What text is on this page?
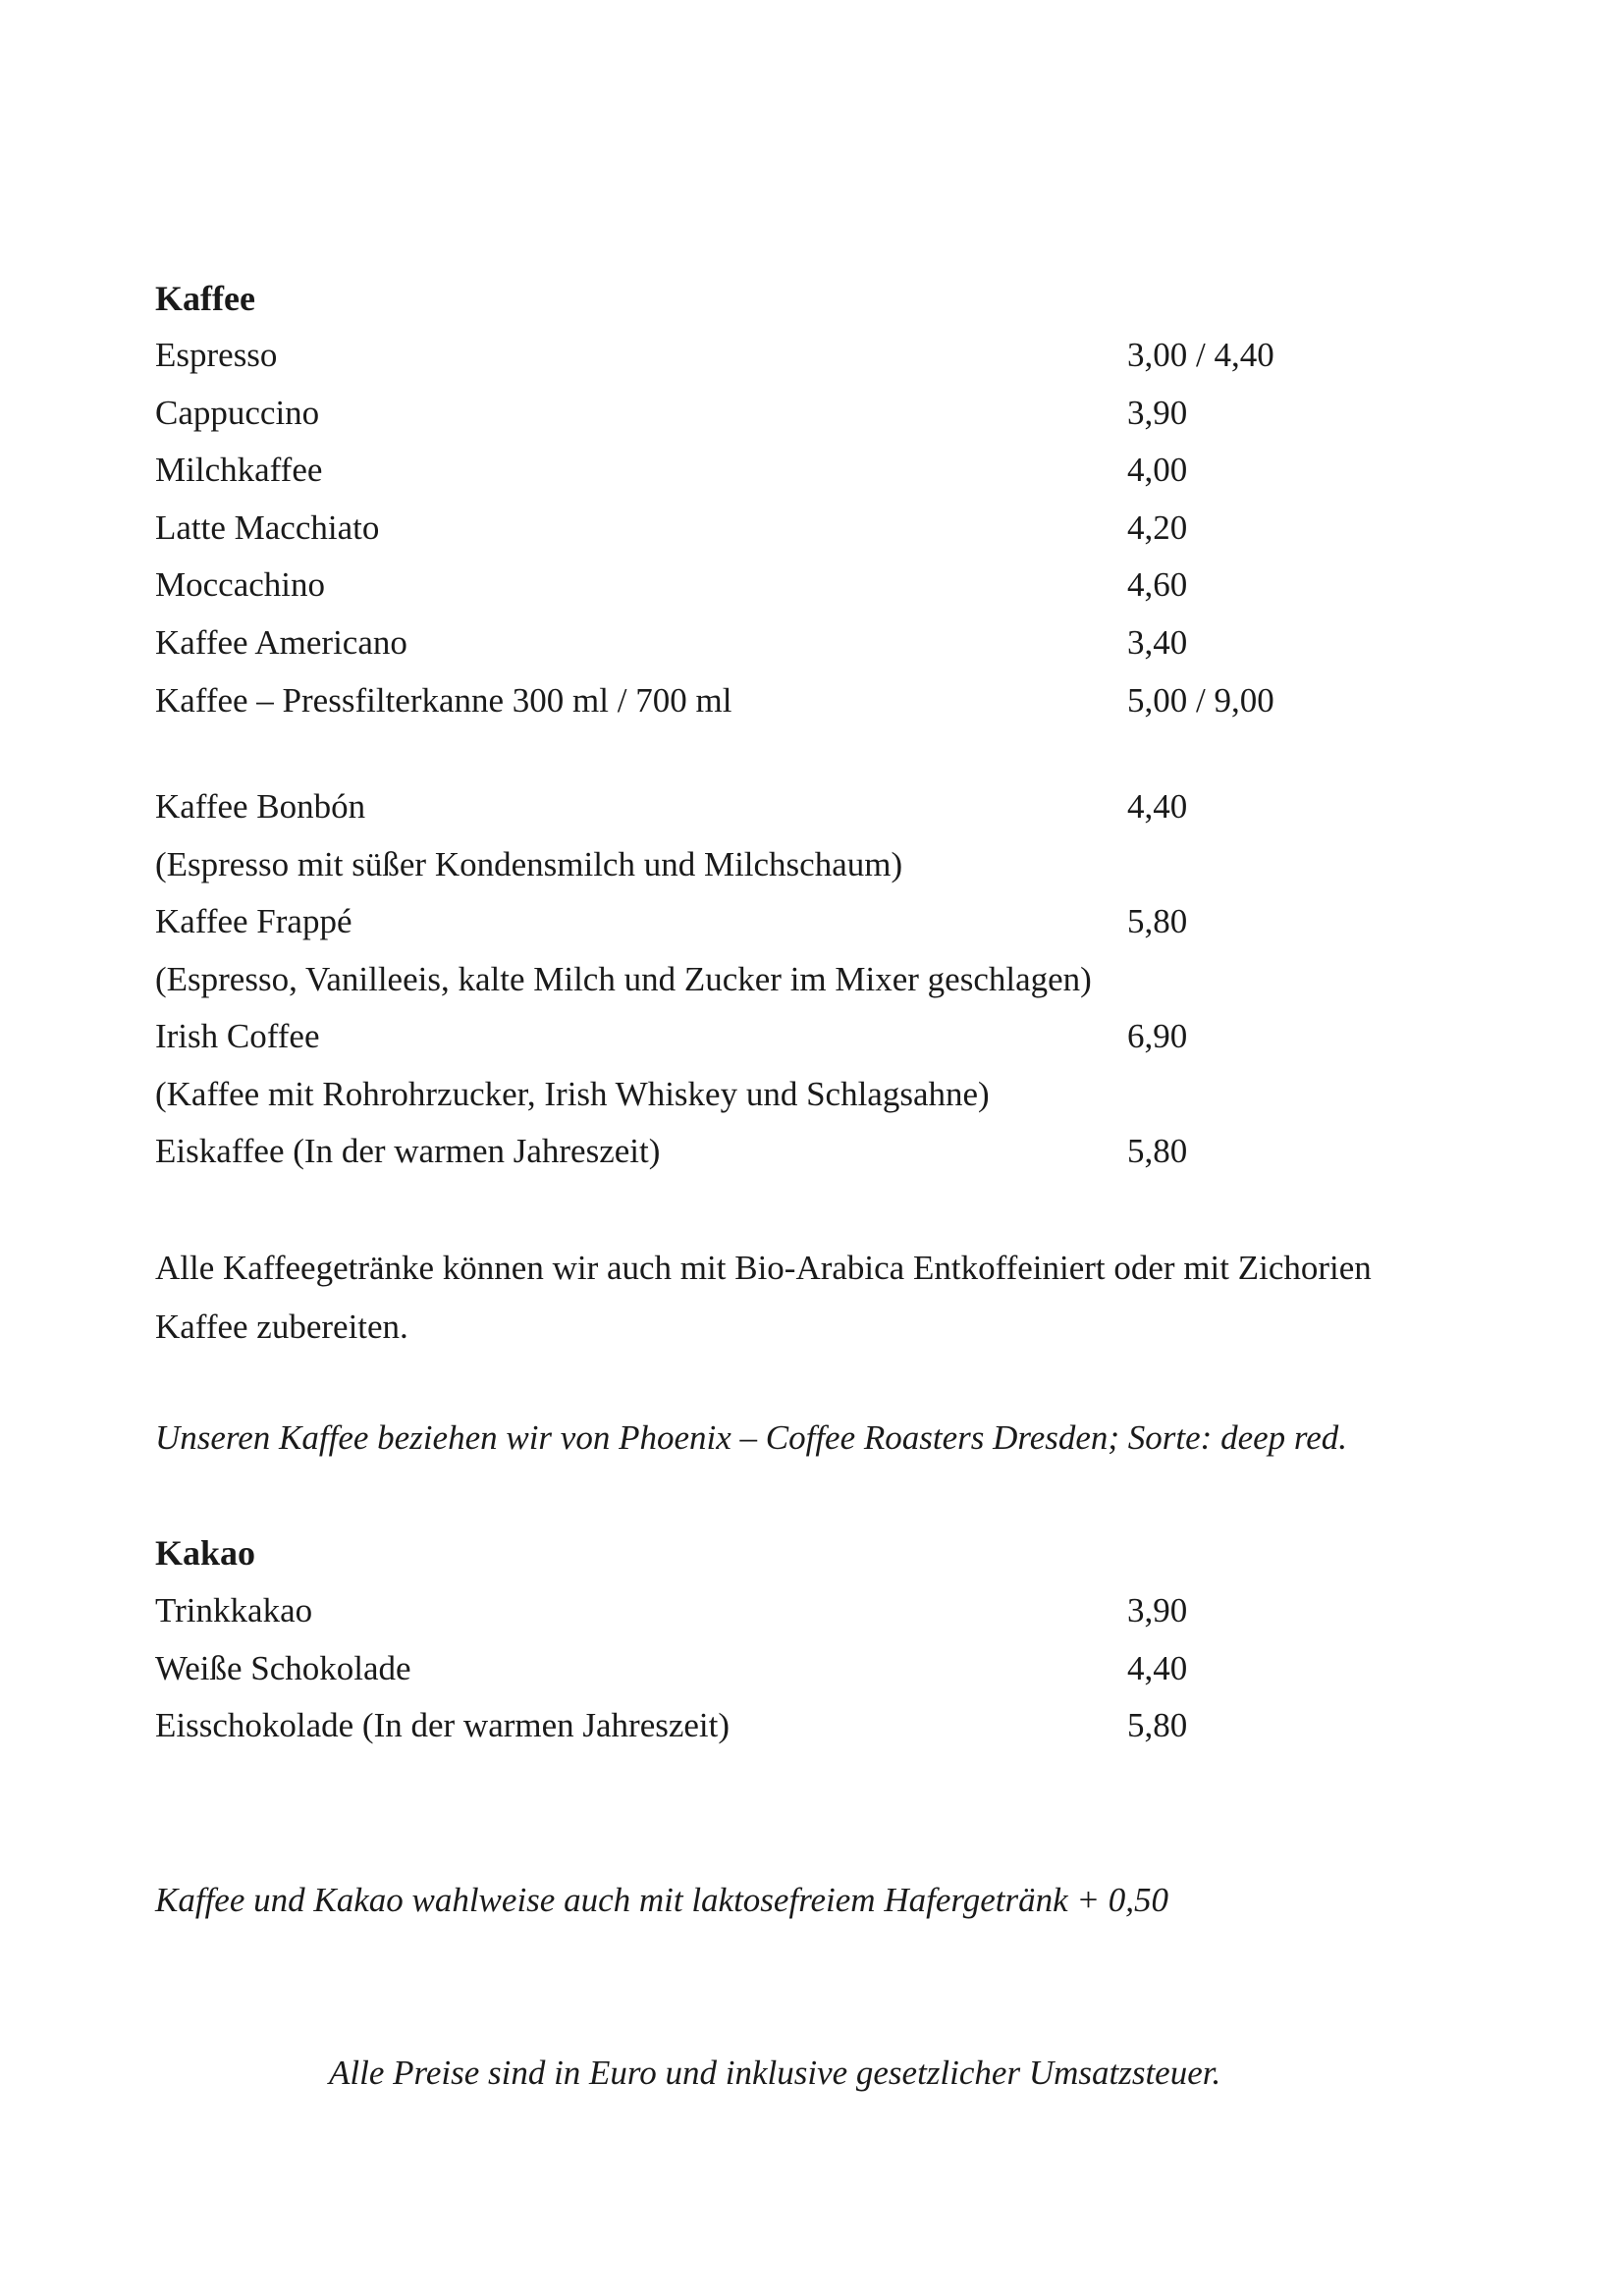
Kaffee
Espresso	3,00 / 4,40
Cappuccino	3,90
Milchkaffee	4,00
Latte Macchiato	4,20
Moccachino	4,60
Kaffee Americano	3,40
Kaffee – Pressfilterkanne 300 ml / 700 ml	5,00 / 9,00
Kaffee Bonbón	4,40
(Espresso mit süßer Kondensmilch und Milchschaum)
Kaffee Frappé	5,80
(Espresso, Vanilleeis, kalte Milch und Zucker im Mixer geschlagen)
Irish Coffee	6,90
(Kaffee mit Rohrohrzucker, Irish Whiskey und Schlagsahne)
Eiskaffee (In der warmen Jahreszeit)	5,80
Alle Kaffeegetränke können wir auch mit Bio-Arabica Entkoffeiniert oder mit Zichorien Kaffee zubereiten.
Unseren Kaffee beziehen wir von Phoenix – Coffee Roasters Dresden; Sorte: deep red.
Kakao
Trinkkakao	3,90
Weiße Schokolade	4,40
Eisschokolade (In der warmen Jahreszeit)	5,80
Kaffee und Kakao wahlweise auch mit laktosefreiem Hafergetränk + 0,50
Alle Preise sind in Euro und inklusive gesetzlicher Umsatzsteuer.
